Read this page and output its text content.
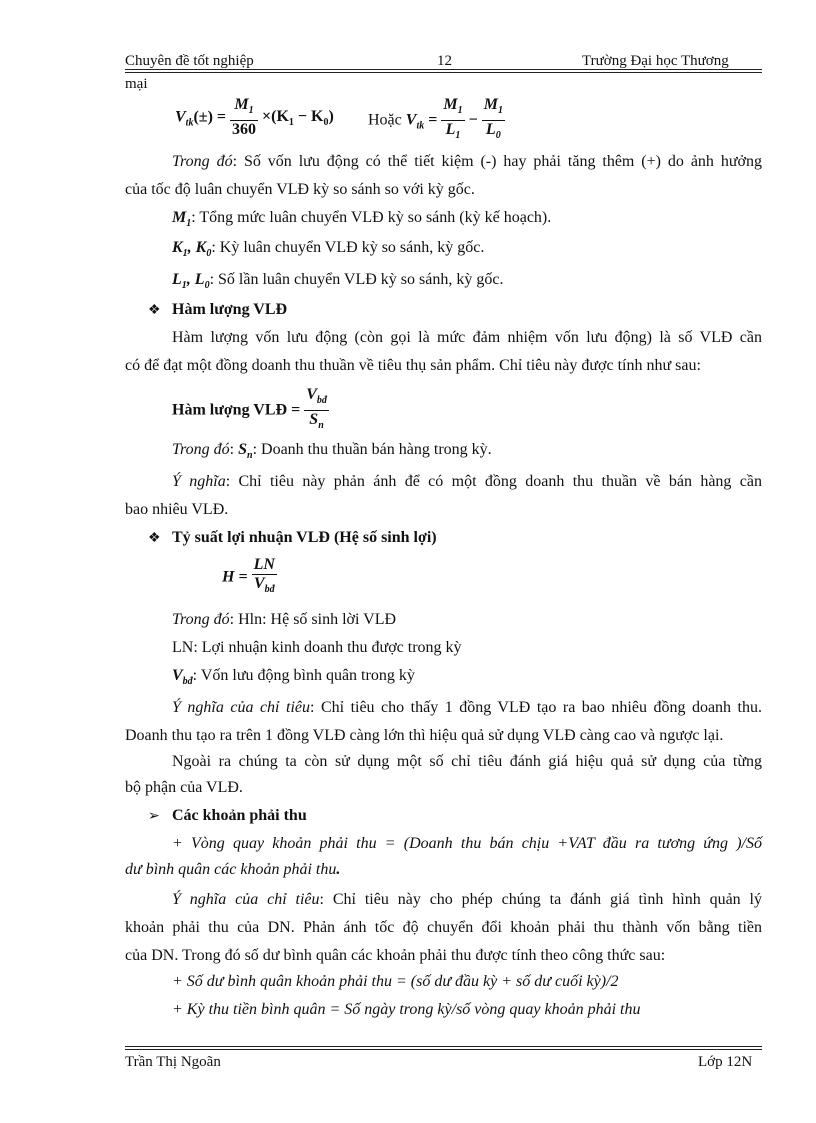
Chuyên đề tốt nghiệp	12	Trường Đại học Thương
mại
$V_{tk}(\pm) = \frac{M_1}{360} \times(K_1 - K_0)$ Hoặc $V_{tk} = \frac{M_1}{L_1} - \frac{M_1}{L_0}$
Trong đó: Số vốn lưu động có thể tiết kiệm (-) hay phải tăng thêm (+) do ảnh hưởng
của tốc độ luân chuyển VLĐ kỳ so sánh so với kỳ gốc.
$M_1$: Tổng mức luân chuyển VLĐ kỳ so sánh (kỳ kế hoạch).
$K_1$, $K_0$: Kỳ luân chuyển VLĐ kỳ so sánh, kỳ gốc.
$L_1$, $L_0$: Số lần luân chuyển VLĐ kỳ so sánh, kỳ gốc.
❖ Hàm lượng VLĐ
Hàm lượng vốn lưu động (còn gọi là mức đảm nhiệm vốn lưu động) là số VLĐ cần
có để đạt một đồng doanh thu thuần về tiêu thụ sản phẩm. Chỉ tiêu này được tính như sau:
Hàm lượng VLĐ = $\frac{V_{bđ}}{S_n}$
Trong đó: $S_n$: Doanh thu thuần bán hàng trong kỳ.
Ý nghĩa: Chỉ tiêu này phản ánh để có một đồng doanh thu thuần về bán hàng cần
bao nhiêu VLĐ.
❖ Tỷ suất lợi nhuận VLĐ (Hệ số sinh lợi)
$H = \frac{LN}{V_{bđ}}$
Trong đó: Hln: Hệ số sinh lời VLĐ
LN: Lợi nhuận kinh doanh thu được trong kỳ
$V_{bđ}$: Vốn lưu động bình quân trong kỳ
Ý nghĩa của chỉ tiêu: Chỉ tiêu cho thấy 1 đồng VLĐ tạo ra bao nhiêu đồng doanh thu.
Doanh thu tạo ra trên 1 đồng VLĐ càng lớn thì hiệu quả sử dụng VLĐ càng cao và ngược lại.
Ngoài ra chúng ta còn sử dụng một số chỉ tiêu đánh giá hiệu quả sử dụng của từng
bộ phận của VLĐ.
➢ Các khoản phải thu
+ Vòng quay khoản phải thu = (Doanh thu bán chịu +VAT đầu ra tương ứng )/Số
dư bình quân các khoản phải thu.
Ý nghĩa của chỉ tiêu: Chỉ tiêu này cho phép chúng ta đánh giá tình hình quản lý
khoản phải thu của DN. Phản ánh tốc độ chuyển đổi khoản phải thu thành vốn bằng tiền
của DN. Trong đó số dư bình quân các khoản phải thu được tính theo công thức sau:
+ Số dư bình quân khoản phải thu = (số dư đầu kỳ + số dư cuối kỳ)/2
+ Kỳ thu tiền bình quân = Số ngày trong kỳ/số vòng quay khoản phải thu
Trần Thị Ngoãn	Lớp 12N
